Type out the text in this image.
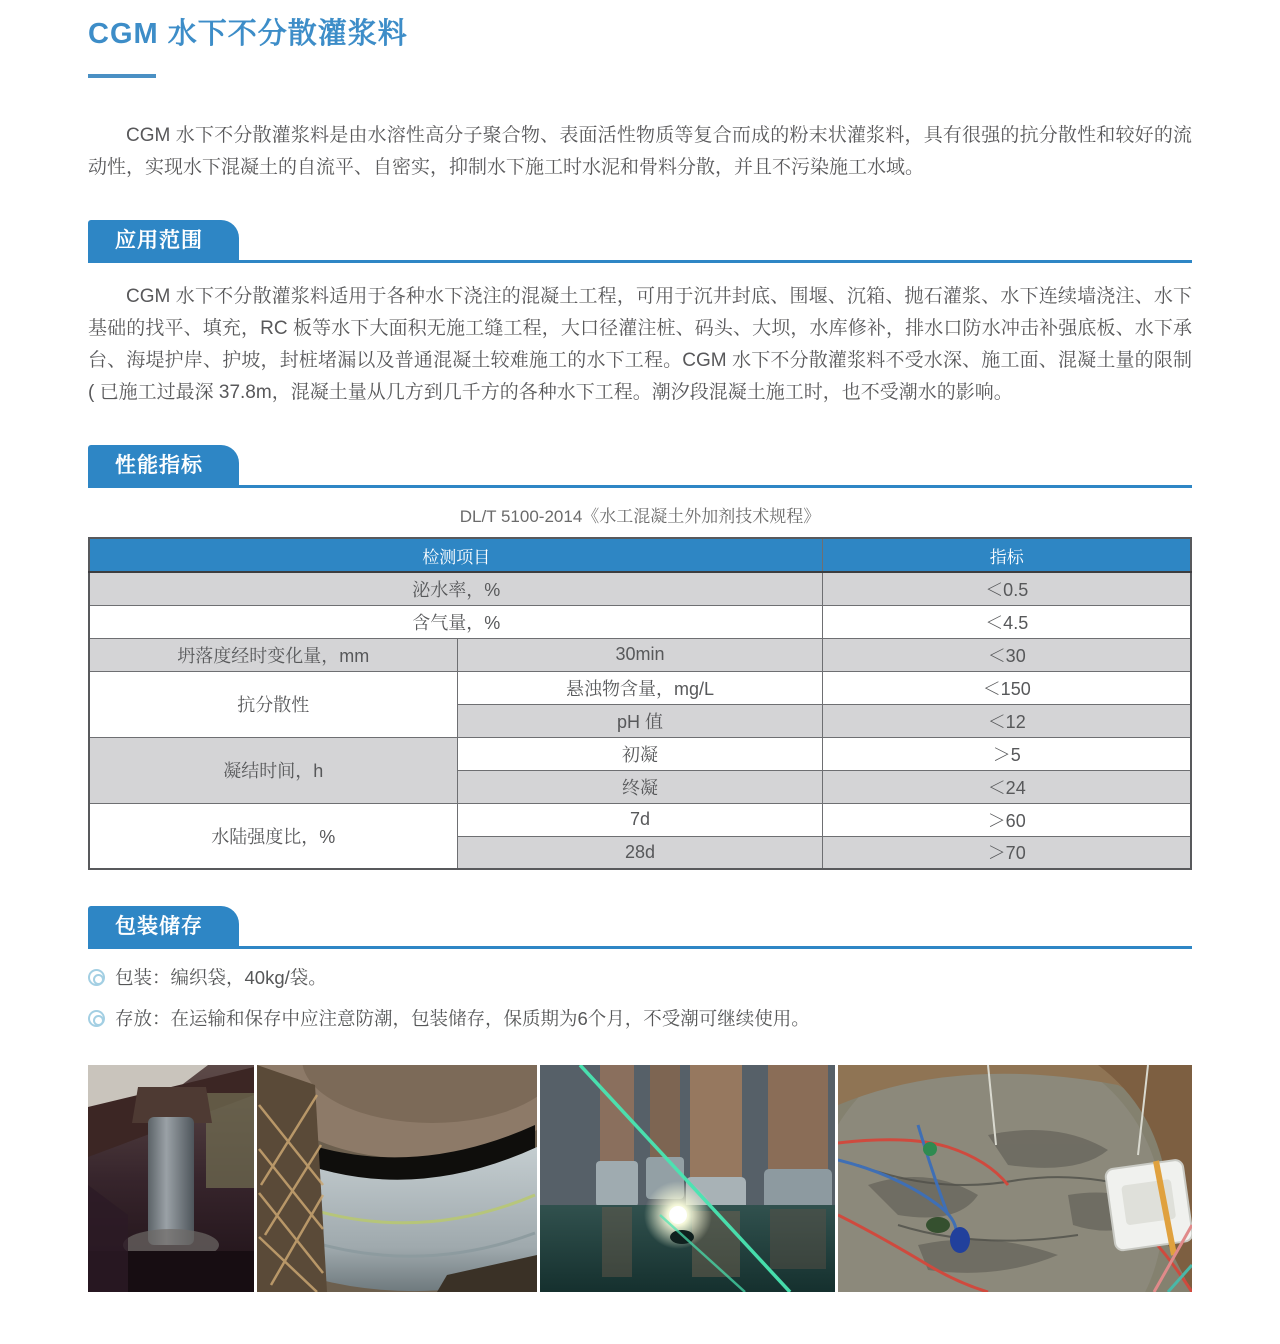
CGM 水下不分散灌浆料

CGM 水下不分散灌浆料是由水溶性高分子聚合物、表面活性物质等复合而成的粉末状灌浆料，具有很强的抗分散性和较好的流动性，实现水下混凝土的自流平、自密实，抑制水下施工时水泥和骨料分散，并且不污染施工水域。

应用范围

CGM 水下不分散灌浆料适用于各种水下浇注的混凝土工程，可用于沉井封底、围堰、沉箱、抛石灌浆、水下连续墙浇注、水下基础的找平、填充，RC 板等水下大面积无施工缝工程，大口径灌注桩、码头、大坝，水库修补，排水口防水冲击补强底板、水下承台、海堤护岸、护坡，封桩堵漏以及普通混凝土较难施工的水下工程。CGM 水下不分散灌浆料不受水深、施工面、混凝土量的限制 ( 已施工过最深 37.8m，混凝土量从几方到几千方的各种水下工程。潮汐段混凝土施工时，也不受潮水的影响。

性能指标
DL/T 5100-2014《水工混凝土外加剂技术规程》
检测项目		指标
泌水率，%		＜0.5
含气量，%		＜4.5
坍落度经时变化量，mm	30min	＜30
抗分散性	悬浊物含量，mg/L	＜150
	pH 值	＜12
凝结时间，h	初凝	＞5
	终凝	＜24
水陆强度比，%	7d	＞60
	28d	＞70
包装储存
包装：编织袋，40kg/袋。
存放：在运输和保存中应注意防潮，包装储存，保质期为6个月，不受潮可继续使用。
